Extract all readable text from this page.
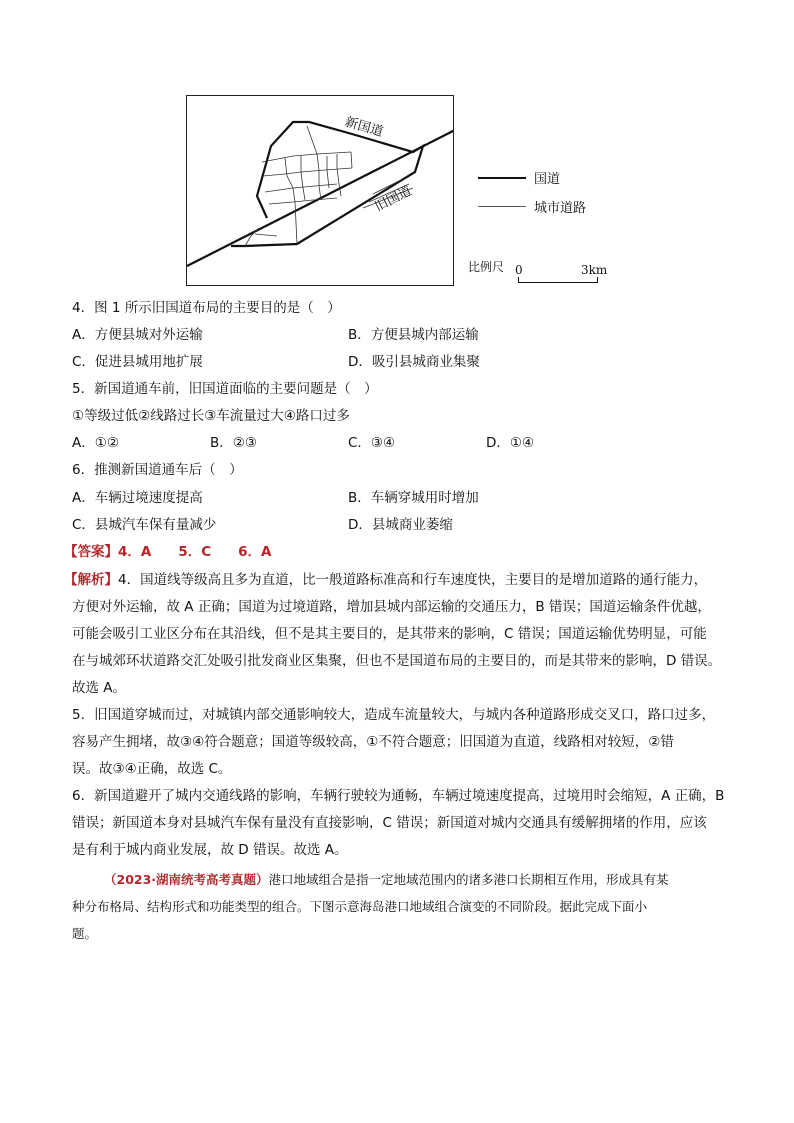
新国道
旧国道
国道
城市道路
比例尺 0	3km
4．图 1 所示旧国道布局的主要目的是（　）
A．方便县城对外运输	B．方便县城内部运输
C．促进县城用地扩展	D．吸引县城商业集聚
5．新国道通车前，旧国道面临的主要问题是（　）
①等级过低②线路过长③车流量过大④路口过多
A．①②	B．②③	C．③④	D．①④
6．推测新国道通车后（　）
A．车辆过境速度提高	B．车辆穿城用时增加
C．县城汽车保有量减少	D．县城商业萎缩
【答案】4．A　　5．C　　6．A

【解析】4．国道线等级高且多为直道，比一般道路标准高和行车速度快，主要目的是增加道路的通行能力，

方便对外运输，故 A 正确；国道为过境道路，增加县城内部运输的交通压力，B 错误；国道运输条件优越，

可能会吸引工业区分布在其沿线，但不是其主要目的，是其带来的影响，C 错误；国道运输优势明显，可能

在与城郊环状道路交汇处吸引批发商业区集聚，但也不是国道布局的主要目的，而是其带来的影响，D 错误。

故选 A。

5．旧国道穿城而过，对城镇内部交通影响较大，造成车流量较大，与城内各种道路形成交叉口，路口过多，

容易产生拥堵，故③④符合题意；国道等级较高，①不符合题意；旧国道为直道，线路相对较短，②错

误。故③④正确，故选 C。

6．新国道避开了城内交通线路的影响，车辆行驶较为通畅，车辆过境速度提高，过境用时会缩短，A 正确，B

错误；新国道本身对县城汽车保有量没有直接影响，C 错误；新国道对城内交通具有缓解拥堵的作用，应该

是有利于城内商业发展，故 D 错误。故选 A。

（2023·湖南统考高考真题）港口地域组合是指一定地域范围内的诸多港口长期相互作用，形成具有某
种分布格局、结构形式和功能类型的组合。下图示意海岛港口地域组合演变的不同阶段。据此完成下面小
题。
